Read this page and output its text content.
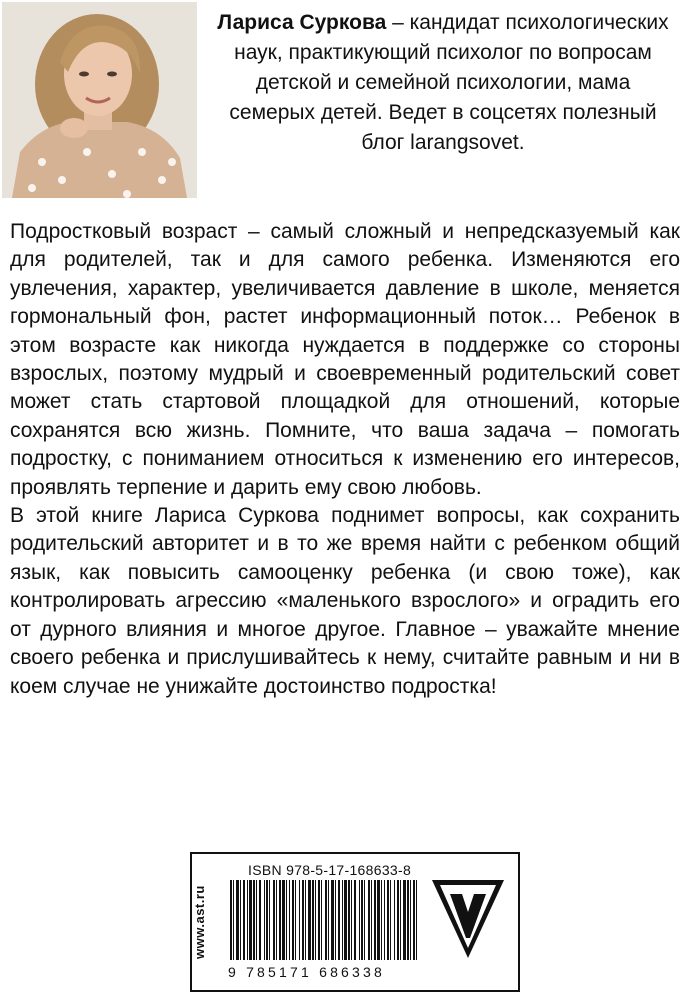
Лариса Суркова – кандидат психологических наук, практикующий психолог по вопросам детской и семейной психологии, мама семерых детей. Ведет в соцсетях полезный блог larangsovet.

Подростковый возраст – самый сложный и непредсказуемый как для родителей, так и для самого ребенка. Изменяются его увлечения, характер, увеличивается давление в школе, меняется гормональный фон, растет информационный поток… Ребенок в этом возрасте как никогда нуждается в поддержке со стороны взрослых, поэтому мудрый и своевременный родительский совет может стать стартовой площадкой для отношений, которые сохранятся всю жизнь. Помните, что ваша задача – помогать подростку, с пониманием относиться к изменению его интересов, проявлять терпение и дарить ему свою любовь.

В этой книге Лариса Суркова поднимет вопросы, как сохранить родительский авторитет и в то же время найти с ребенком общий язык, как повысить самооценку ребенка (и свою тоже), как контролировать агрессию «маленького взрослого» и оградить его от дурного влияния и многое другое. Главное – уважайте мнение своего ребенка и прислушивайтесь к нему, считайте равным и ни в коем случае не унижайте достоинство подростка!

www.ast.ru
ISBN 978-5-17-168633-8
9 785171 686338
